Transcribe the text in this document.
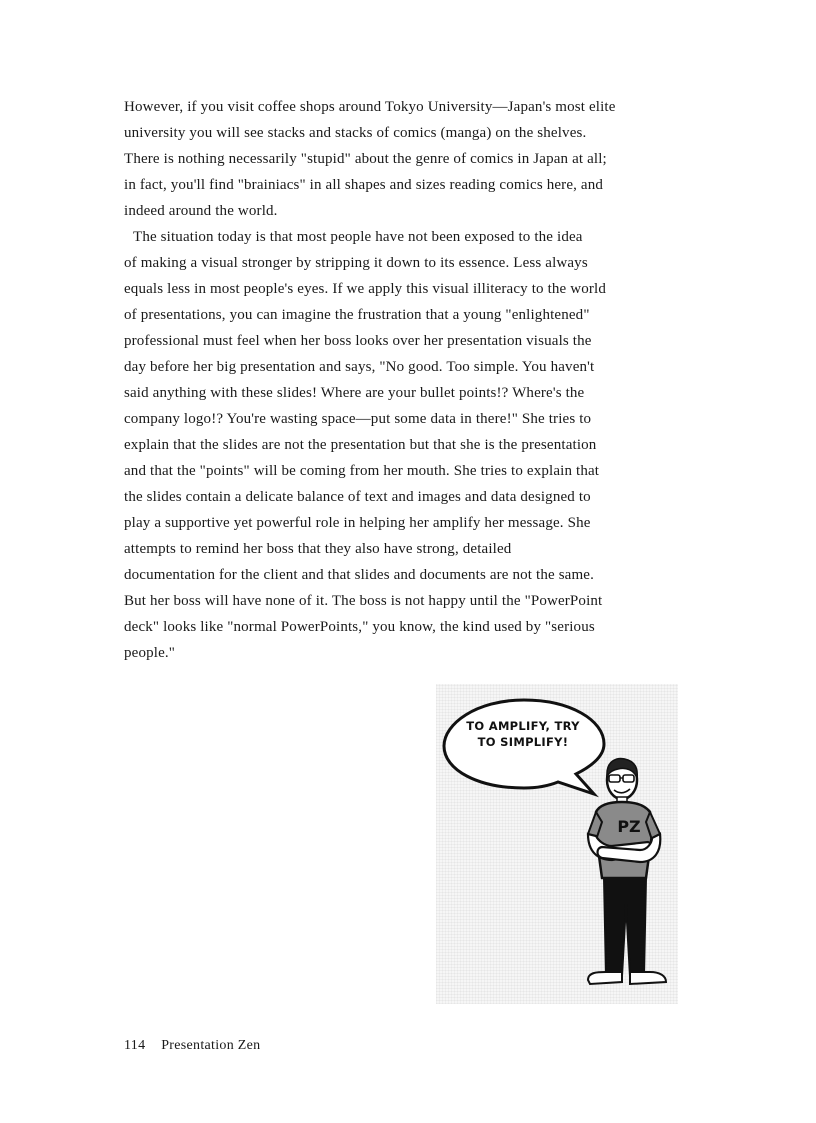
However, if you visit coffee shops around Tokyo University—Japan's most elite
university you will see stacks and stacks of comics (manga) on the shelves.
There is nothing necessarily "stupid" about the genre of comics in Japan at all;
in fact, you'll find "brainiacs" in all shapes and sizes reading comics here, and
indeed around the world.
The situation today is that most people have not been exposed to the idea
of making a visual stronger by stripping it down to its essence. Less always
equals less in most people's eyes. If we apply this visual illiteracy to the world
of presentations, you can imagine the frustration that a young "enlightened"
professional must feel when her boss looks over her presentation visuals the
day before her big presentation and says, "No good. Too simple. You haven't
said anything with these slides! Where are your bullet points!? Where's the
company logo!? You're wasting space—put some data in there!" She tries to
explain that the slides are not the presentation but that she is the presentation
and that the "points" will be coming from her mouth. She tries to explain that
the slides contain a delicate balance of text and images and data designed to
play a supportive yet powerful role in helping her amplify her message. She
attempts to remind her boss that they also have strong, detailed
documentation for the client and that slides and documents are not the same.
But her boss will have none of it. The boss is not happy until the "PowerPoint
deck" looks like "normal PowerPoints," you know, the kind used by "serious
people."
TO AMPLIFY, TRY
TO SIMPLIFY!
PZ
114 Presentation Zen
